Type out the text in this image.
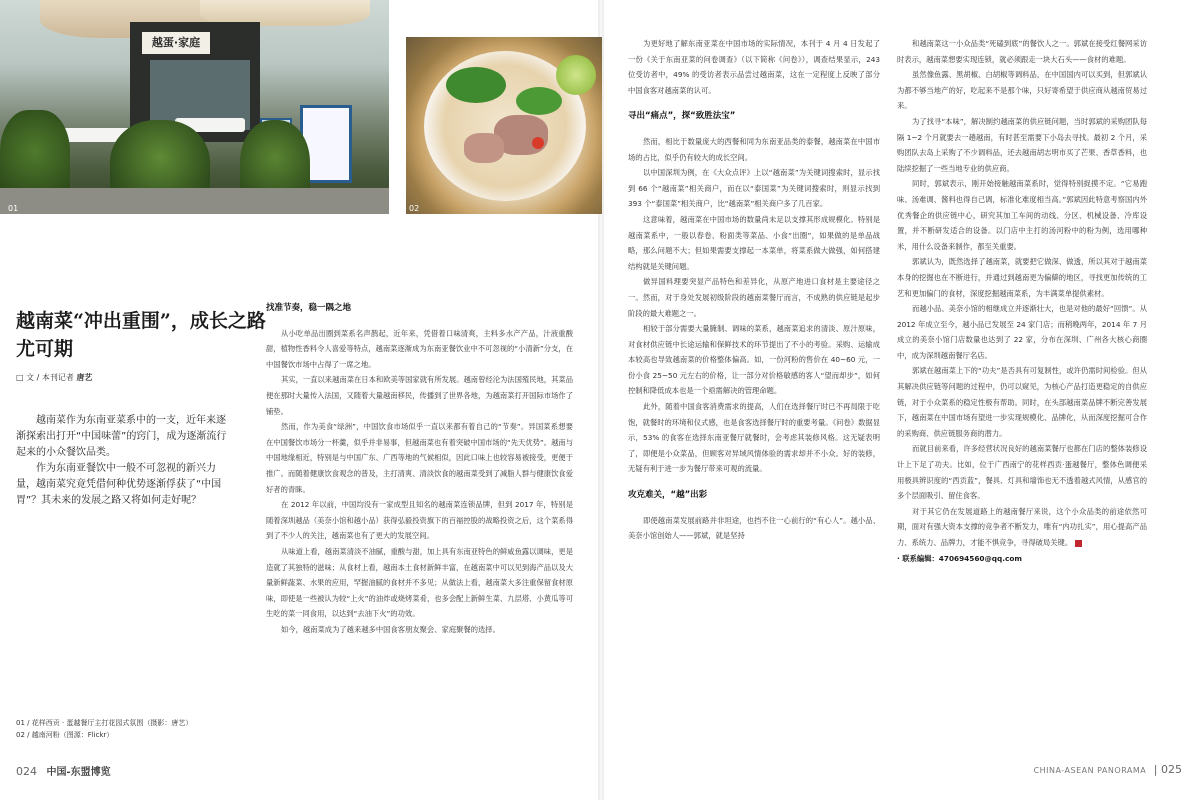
越蛋·家庭
01	02
越南菜“冲出重围”，成长之路尤可期
□ 文 / 本刊记者 唐艺

越南菜作为东南亚菜系中的一支，近年来逐渐探索出打开“中国味蕾”的窍门，成为逐渐流行起来的小众餐饮品类。

作为东南亚餐饮中一般不可忽视的新兴力量，越南菜究竟凭借何种优势逐渐俘获了“中国胃”？其未来的发展之路又将如何走好呢？

01 / 花样西贡 · 蛋越餐厅主打花园式氛围（摄影：唐艺）
02 / 越南河粉（图源：Flickr）
找准节奏，稳一隅之地

从小吃单品出圈到菜系名声鹊起，近年来，凭借着口味清爽，主料多水产产品，汁液重酸甜，植物性香料令人喜爱等特点，越南菜逐渐成为东南亚餐饮业中不可忽视的“小清新”分支，在中国餐饮市场中占得了一席之地。

其实，一直以来越南菜在日本和欧美等国家就有所发展。越南曾经沦为法国殖民地，其菜品便在那时大量传入法国，又随着大量越南移民，传播到了世界各地，为越南菜打开国际市场作了铺垫。

然而，作为美食“绿洲”，中国饮食市场似乎一直以来都有着自己的“节奏”。异国菜系想要在中国餐饮市场分一杯羹，似乎并非易事，但越南菜也有着突破中国市场的“先天优势”。越南与中国地缘相近，特别是与中国广东、广西等地的气候相似，因此口味上也较容易被接受，更便于推广。而随着健康饮食观念的普及，主打清爽、清淡饮食的越南菜受到了减脂人群与健康饮食爱好者的青睐。

在 2012 年以前，中国均没有一家成型且知名的越南菜连锁品牌，但到 2017 年，特别是随着深圳越品（美奈小馆和越小品）获得弘毅投资旗下的百福控股的战略投资之后，这个菜系得到了不少人的关注，越南菜也有了更大的发展空间。

从味道上看，越南菜清淡不油腻，重酸与甜，加上具有东南亚特色的鲜咸鱼露以调味，更是造就了其独特的滋味；从食材上看，越南本土食材新鲜丰富，在越南菜中可以见到海产品以及大量新鲜蔬菜、水果的应用，罕握油腻的食材并不多见；从做法上看，越南菜大多注重保留食材原味，即使是一些被认为较“上火”的油炸或烧烤菜肴，也多会配上新鲜生菜、九层塔、小黄瓜等可生吃的菜一同食用，以达到“去油下火”的功效。

如今，越南菜成为了越来越多中国食客朋友聚会、家庭聚餐的选择。

为更好地了解东南亚菜在中国市场的实际情况，本刊于 4 月 4 日发起了一份《关于东南亚菜的问卷调查》（以下简称《问卷》），调查结果显示，243 位受访者中，49% 的受访者表示品尝过越南菜，这在一定程度上反映了部分中国食客对越南菜的认可。

寻出“痛点”，探“致胜法宝”

然而，相比于数量庞大的西餐和同为东南亚品类的泰餐，越南菜在中国市场的占比，似乎仍有较大的成长空间。

以中国深圳为例，在《大众点评》上以“越南菜”为关键词搜索时，显示找到 66 个“越南菜”相关商户，而在以“泰国菜”为关键词搜索时，则显示找到 393 个“泰国菜”相关商户，比“越南菜”相关商户多了几百家。

这意味着，越南菜在中国市场的数量尚未足以支撑其形成规模化。特别是越南菜系中，一般以春卷、粉面类等菜品、小食“出圈”，如果做的是单品战略，那么问题不大；但如果需要支撑起一本菜单，将菜系做大做强，如何搭建结构就是关键问题。

做异国料理要突显产品特色和差异化，从原产地进口食材是主要途径之一。然而，对于身处发展初级阶段的越南菜餐厅而言，不成熟的供应链是起步阶段的最大难题之一。

相较于部分需要大量腌制、调味的菜系，越南菜追求的清淡、原汁原味，对食材供应链中长途运输和保鲜技术的环节提出了不小的考验。采购、运输成本较高也导致越南菜的价格整体偏高。如，一份河粉的售价在 40~60 元，一份小食 25~50 元左右的价格，让一部分对价格敏感的客人“望而却步”，如何控制和降低成本也是一个亟需解决的管理命题。

此外，随着中国食客消费需求的提高，人们在选择餐厅时已不再局限于吃饱，就餐时的环境和仪式感，也是食客选择餐厅时的重要考量。《问卷》数据显示，53% 的食客在选择东南亚餐厅就餐时，会考虑其装修风格。这无疑表明了，即便是小众菜品，但顾客对异域风情体验的需求却并不小众。好的装修，无疑有利于进一步为餐厅带来可观的流量。

攻克难关，“越”出彩

即使越南菜发展前路并非坦途，也挡不住一心前行的“有心人”。越小品、美奈小馆创始人——郭斌，就是坚持

和越南菜这一小众品类“死磕到底”的餐饮人之一。郭斌在接受红餐网采访时表示，越南菜想要实现连锁，就必须跟走一块大石头——食材的难题。

虽然像鱼露、黑胡椒、白胡椒等调料品，在中国国内可以买到，但郭斌认为都不够当地产的好，吃起来不是那个味，只好寄希望于供应商从越南贸易过来。

为了找寻“本味”，解决制约越南菜的供应链问题，当时郭斌的采购团队每隔 1~2 个月就要去一趟越南，有时甚至需要下小岛去寻找。最初 2 个月，采购团队去岛上采购了不少调料品，还去越南胡志明市买了芒果、香草香料，也陆续挖掘了一些当地专业的供应商。

同时，郭斌表示，刚开始接触越南菜系时，觉得特别捉摸不定。“它易跑味、汤难调、酱料也得自己调，标准化难度相当高。”郭斌因此特意考察国内外优秀餐企的供应链中心，研究其加工车间的动线、分区、机械设备、冷库设置，并不断研发适合的设备。以门店中主打的汤河粉中的粉为例，选用哪种米，用什么设备来制作，都至关重要。

郭斌认为，既然选择了越南菜，就要把它做深、做透，所以其对于越南菜本身的挖掘也在不断进行，并通过到越南更为偏僻的地区，寻找更加传统的工艺和更加偏门的食材，深度挖掘越南菜系，为丰满菜单提供素材。

而越小品、美奈小馆的相继成立并逐渐壮大，也是对他的最好“回馈”。从 2012 年成立至今，越小品已发展至 24 家门店；而稍晚两年，2014 年 7 月成立的美奈小馆门店数量也达到了 22 家，分布在深圳、广州各大核心商圈中，成为深圳越南餐厅名店。

郭斌在越南菜上下的“功夫”是否具有可复制性，或许仍需时间检验。但从其解决供应链等问题的过程中，仍可以窥见，为核心产品打造更稳定的自供应链，对于小众菜系的稳定性极有帮助。同时，在头部越南菜品牌不断完善发展下，越南菜在中国市场有望进一步实现规模化、品牌化，从而深度挖掘可合作的采购商、供应链服务商的潜力。

而就目前来看，许多经营状况良好的越南菜餐厅也都在门店的整体装修设计上下足了功夫。比如，位于广西南宁的花样西贡·蛋越餐厅，整体色调便采用极具辨识度的“西贡蓝”，餐具、灯具和墙饰也无不透着越式风情，从感官的多个层面吸引、留住食客。

对于其它仍在发展道路上的越南餐厅来说，这个小众品类的前途依然可期，面对有强大资本支撑的竞争者不断发力，唯有“内功扎实”，用心提高产品力、系统力、品牌力，才能不惧竞争，寻得破局关键。

· 联系编辑：470694560@qq.com

024 中国-东盟博览	CHINA-ASEAN PANORAMA | 025
